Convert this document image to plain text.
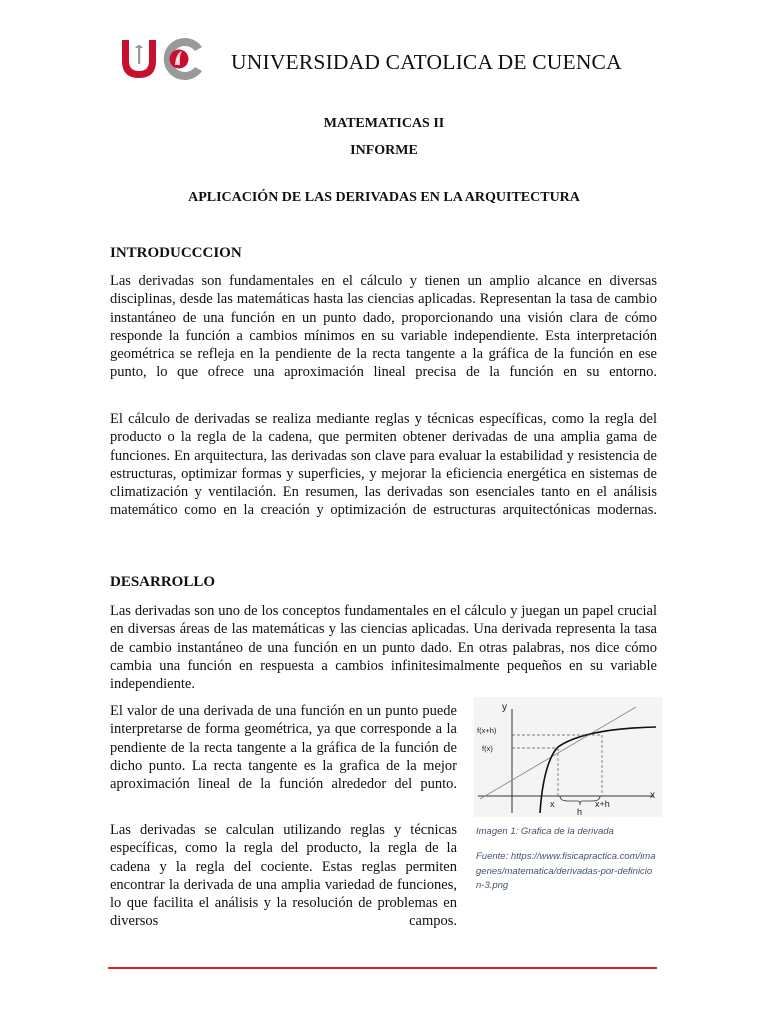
UNIVERSIDAD CATOLICA DE CUENCA
MATEMATICAS II
INFORME
APLICACIÓN DE LAS DERIVADAS EN LA ARQUITECTURA
INTRODUCCCION
Las derivadas son fundamentales en el cálculo y tienen un amplio alcance en diversas disciplinas, desde las matemáticas hasta las ciencias aplicadas. Representan la tasa de cambio instantáneo de una función en un punto dado, proporcionando una visión clara de cómo responde la función a cambios mínimos en su variable independiente. Esta interpretación geométrica se refleja en la pendiente de la recta tangente a la gráfica de la función en ese punto, lo que ofrece una aproximación lineal precisa de la función en su entorno.
El cálculo de derivadas se realiza mediante reglas y técnicas específicas, como la regla del producto o la regla de la cadena, que permiten obtener derivadas de una amplia gama de funciones. En arquitectura, las derivadas son clave para evaluar la estabilidad y resistencia de estructuras, optimizar formas y superficies, y mejorar la eficiencia energética en sistemas de climatización y ventilación. En resumen, las derivadas son esenciales tanto en el análisis matemático como en la creación y optimización de estructuras arquitectónicas modernas.
DESARROLLO
Las derivadas son uno de los conceptos fundamentales en el cálculo y juegan un papel crucial en diversas áreas de las matemáticas y las ciencias aplicadas. Una derivada representa la tasa de cambio instantáneo de una función en un punto dado. En otras palabras, nos dice cómo cambia una función en respuesta a cambios infinitesimalmente pequeños en su variable independiente.
El valor de una derivada de una función en un punto puede interpretarse de forma geométrica, ya que corresponde a la pendiente de la recta tangente a la gráfica de la función de dicho punto. La recta tangente es la grafica de la mejor aproximación lineal de la función alrededor del punto.
Las derivadas se calculan utilizando reglas y técnicas específicas, como la regla del producto, la regla de la cadena y la regla del cociente. Estas reglas permiten encontrar la derivada de una amplia variedad de funciones, lo que facilita el análisis y la resolución de problemas en diversos campos.
y
x
f(x+h)
f(x)
x	x+h
h
Imagen 1: Grafica de la derivada
Fuente: https://www.fisicapractica.com/imagenes/matematica/derivadas-por-definicion-3.png
